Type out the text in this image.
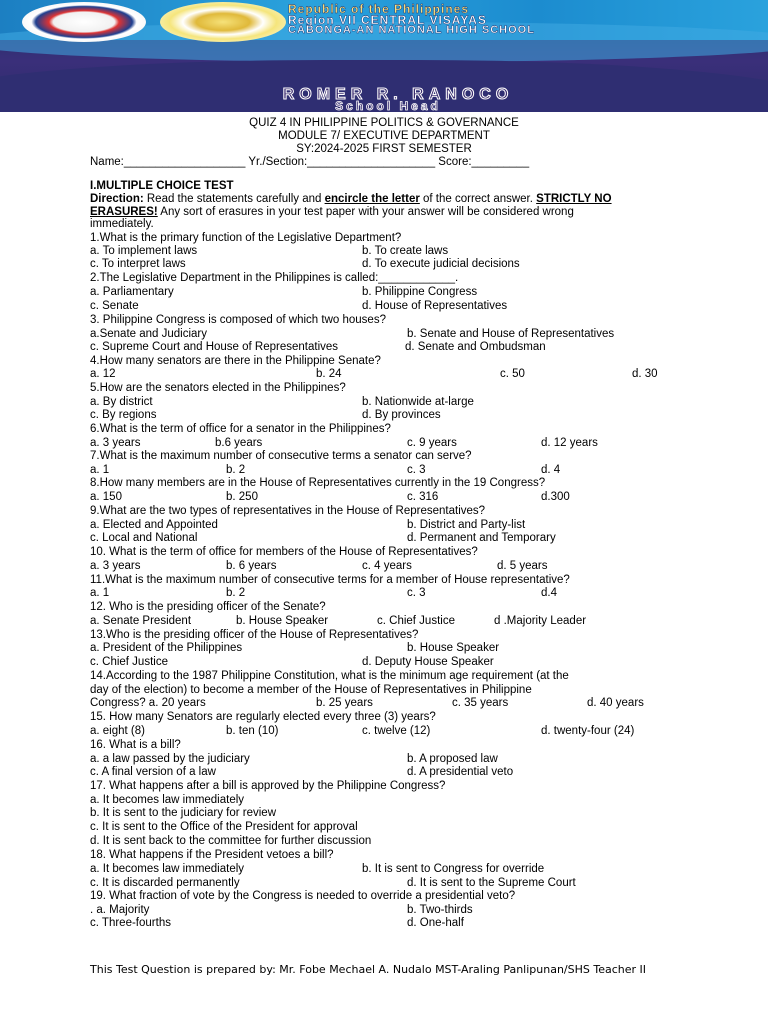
Republic of the Philippines
Region VII CENTRAL VISAYAS
CABONGA-AN NATIONAL HIGH SCHOOL
ROMER R. RANOCO
School Head
QUIZ 4 IN PHILIPPINE POLITICS & GOVERNANCE
MODULE 7/ EXECUTIVE DEPARTMENT
SY:2024-2025 FIRST SEMESTER
Name:___________________ Yr./Section:____________________ Score:_________
I.MULTIPLE CHOICE TEST
Direction: Read the statements carefully and encircle the letter of the correct answer. STRICTLY NO
ERASURES! Any sort of erasures in your test paper with your answer will be considered wrong
immediately.
1.What is the primary function of the Legislative Department?
a. To implement laws	b. To create laws
c. To interpret laws	d. To execute judicial decisions
2.The Legislative Department in the Philippines is called:____________.
a. Parliamentary	b. Philippine Congress
c. Senate	d. House of Representatives
3. Philippine Congress is composed of which two houses?
a.Senate and Judiciary	b. Senate and House of Representatives
c. Supreme Court and House of Representatives	d. Senate and Ombudsman
4.How many senators are there in the Philippine Senate?
a. 12	b. 24	c. 50	d. 30
5.How are the senators elected in the Philippines?
a. By district	b. Nationwide at-large
c. By regions	d. By provinces
6.What is the term of office for a senator in the Philippines?
a. 3 years	b.6 years	c. 9 years	d. 12 years
7.What is the maximum number of consecutive terms a senator can serve?
a. 1	b. 2	c. 3	d. 4
8.How many members are in the House of Representatives currently in the 19 Congress?
a. 150	b. 250	c. 316	d.300
9.What are the two types of representatives in the House of Representatives?
a. Elected and Appointed	b. District and Party-list
c. Local and National	d. Permanent and Temporary
10. What is the term of office for members of the House of Representatives?
a. 3 years	b. 6 years	c. 4 years	d. 5 years
11.What is the maximum number of consecutive terms for a member of House representative?
a. 1	b. 2	c. 3	d.4
12. Who is the presiding officer of the Senate?
a. Senate President	b. House Speaker	c. Chief Justice	d .Majority Leader
13.Who is the presiding officer of the House of Representatives?
a. President of the Philippines	b. House Speaker
c. Chief Justice	d. Deputy House Speaker
14.According to the 1987 Philippine Constitution, what is the minimum age requirement (at the
day of the election) to become a member of the House of Representatives in Philippine
Congress? a. 20 years	b. 25 years	c. 35 years	d. 40 years
15. How many Senators are regularly elected every three (3) years?
a. eight (8)	b. ten (10)	c. twelve (12)	d. twenty-four (24)
16. What is a bill?
a. a law passed by the judiciary	b. A proposed law
c. A final version of a law	d. A presidential veto
17. What happens after a bill is approved by the Philippine Congress?
a. It becomes law immediately
b. It is sent to the judiciary for review
c. It is sent to the Office of the President for approval
d. It is sent back to the committee for further discussion
18. What happens if the President vetoes a bill?
a. It becomes law immediately	b. It is sent to Congress for override
c. It is discarded permanently	d. It is sent to the Supreme Court
19. What fraction of vote by the Congress is needed to override a presidential veto?
. a. Majority	b. Two-thirds
c. Three-fourths	d. One-half
This Test Question is prepared by: Mr. Fobe Mechael A. Nudalo MST-Araling Panlipunan/SHS Teacher II
